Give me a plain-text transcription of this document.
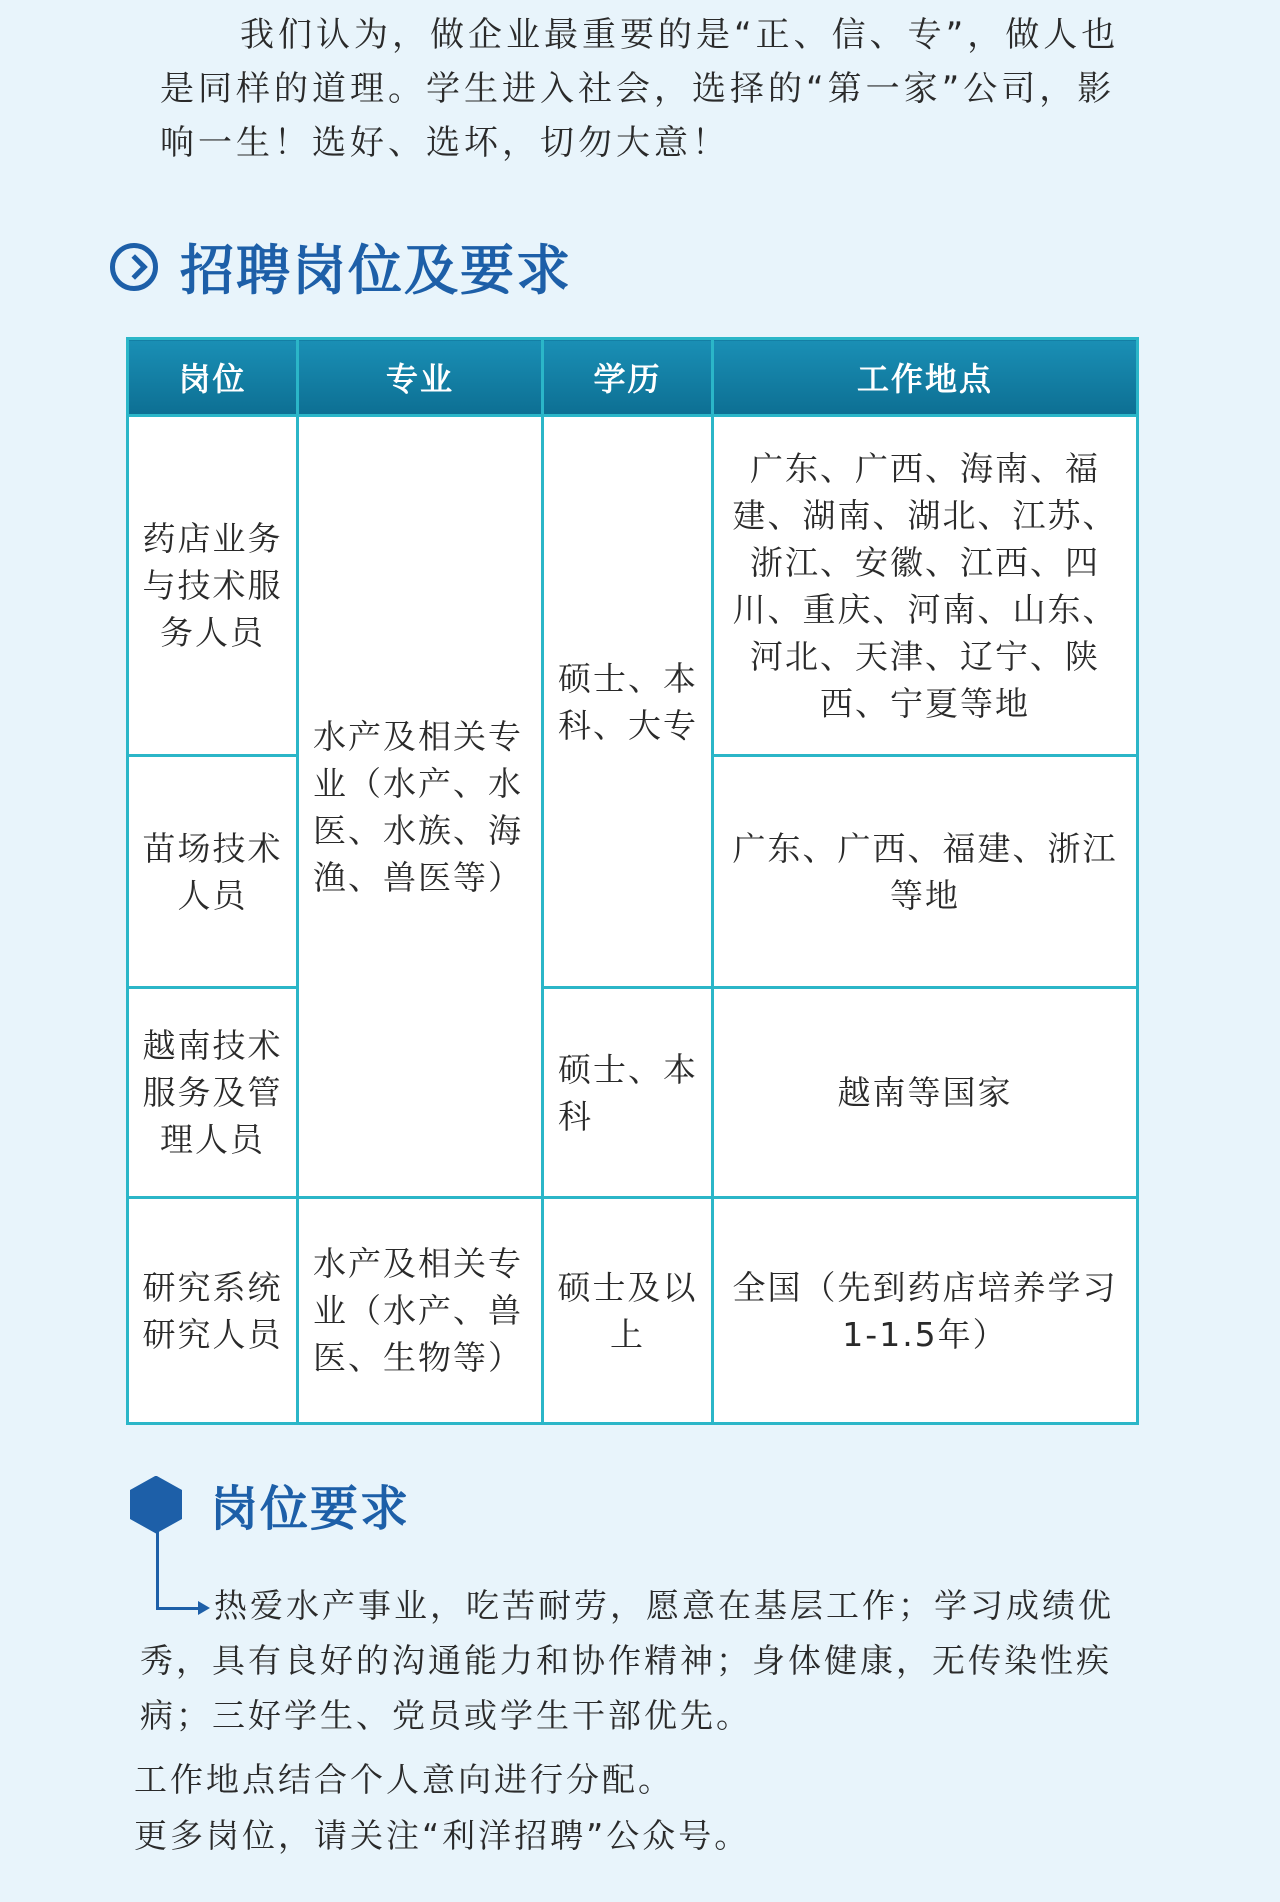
我们认为，做企业最重要的是“正、信、专”，做人也是同样的道理。学生进入社会，选择的“第一家”公司，影响一生！选好、选坏，切勿大意！

招聘岗位及要求
岗位	专业	学历	工作地点
药店业务与技术服务人员	水产及相关专业（水产、水医、水族、海渔、兽医等）	硕士、本科、大专	广东、广西、海南、福建、湖南、湖北、江苏、浙江、安徽、江西、四川、重庆、河南、山东、河北、天津、辽宁、陕西、宁夏等地
苗场技术人员			广东、广西、福建、浙江等地
越南技术服务及管理人员		硕士、本科	越南等国家
研究系统研究人员	水产及相关专业（水产、兽医、生物等）	硕士及以上	全国（先到药店培养学习1-1.5年）
岗位要求

热爱水产事业，吃苦耐劳，愿意在基层工作；学习成绩优秀，具有良好的沟通能力和协作精神；身体健康，无传染性疾病；三好学生、党员或学生干部优先。

工作地点结合个人意向进行分配。

更多岗位，请关注“利洋招聘”公众号。
